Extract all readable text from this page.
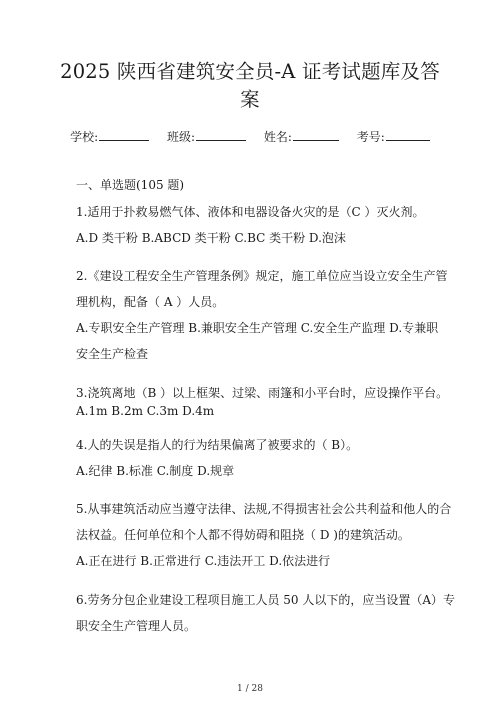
2025 陕西省建筑安全员-A 证考试题库及答
案
学校:	班级:	姓名:	考号:
一、单选题(105 题)
1.适用于扑救易燃气体、液体和电器设备火灾的是（C ）灭火剂。
A.D 类干粉 B.ABCD 类干粉 C.BC 类干粉 D.泡沫
2.《建设工程安全生产管理条例》规定，施工单位应当设立安全生产管
理机构，配备（ A ）人员。
A.专职安全生产管理 B.兼职安全生产管理 C.安全生产监理 D.专兼职
安全生产检查
3.浇筑离地（B ）以上框架、过梁、雨篷和小平台时，应设操作平台。
A.1m B.2m C.3m D.4m
4.人的失误是指人的行为结果偏离了被要求的（ B）。
A.纪律 B.标准 C.制度 D.规章
5.从事建筑活动应当遵守法律、法规,不得损害社会公共利益和他人的合
法权益。任何单位和个人都不得妨碍和阻挠（ D )的建筑活动。
A.正在进行 B.正常进行 C.违法开工 D.依法进行
6.劳务分包企业建设工程项目施工人员 50 人以下的，应当设置（A）专
职安全生产管理人员。
1 / 28
